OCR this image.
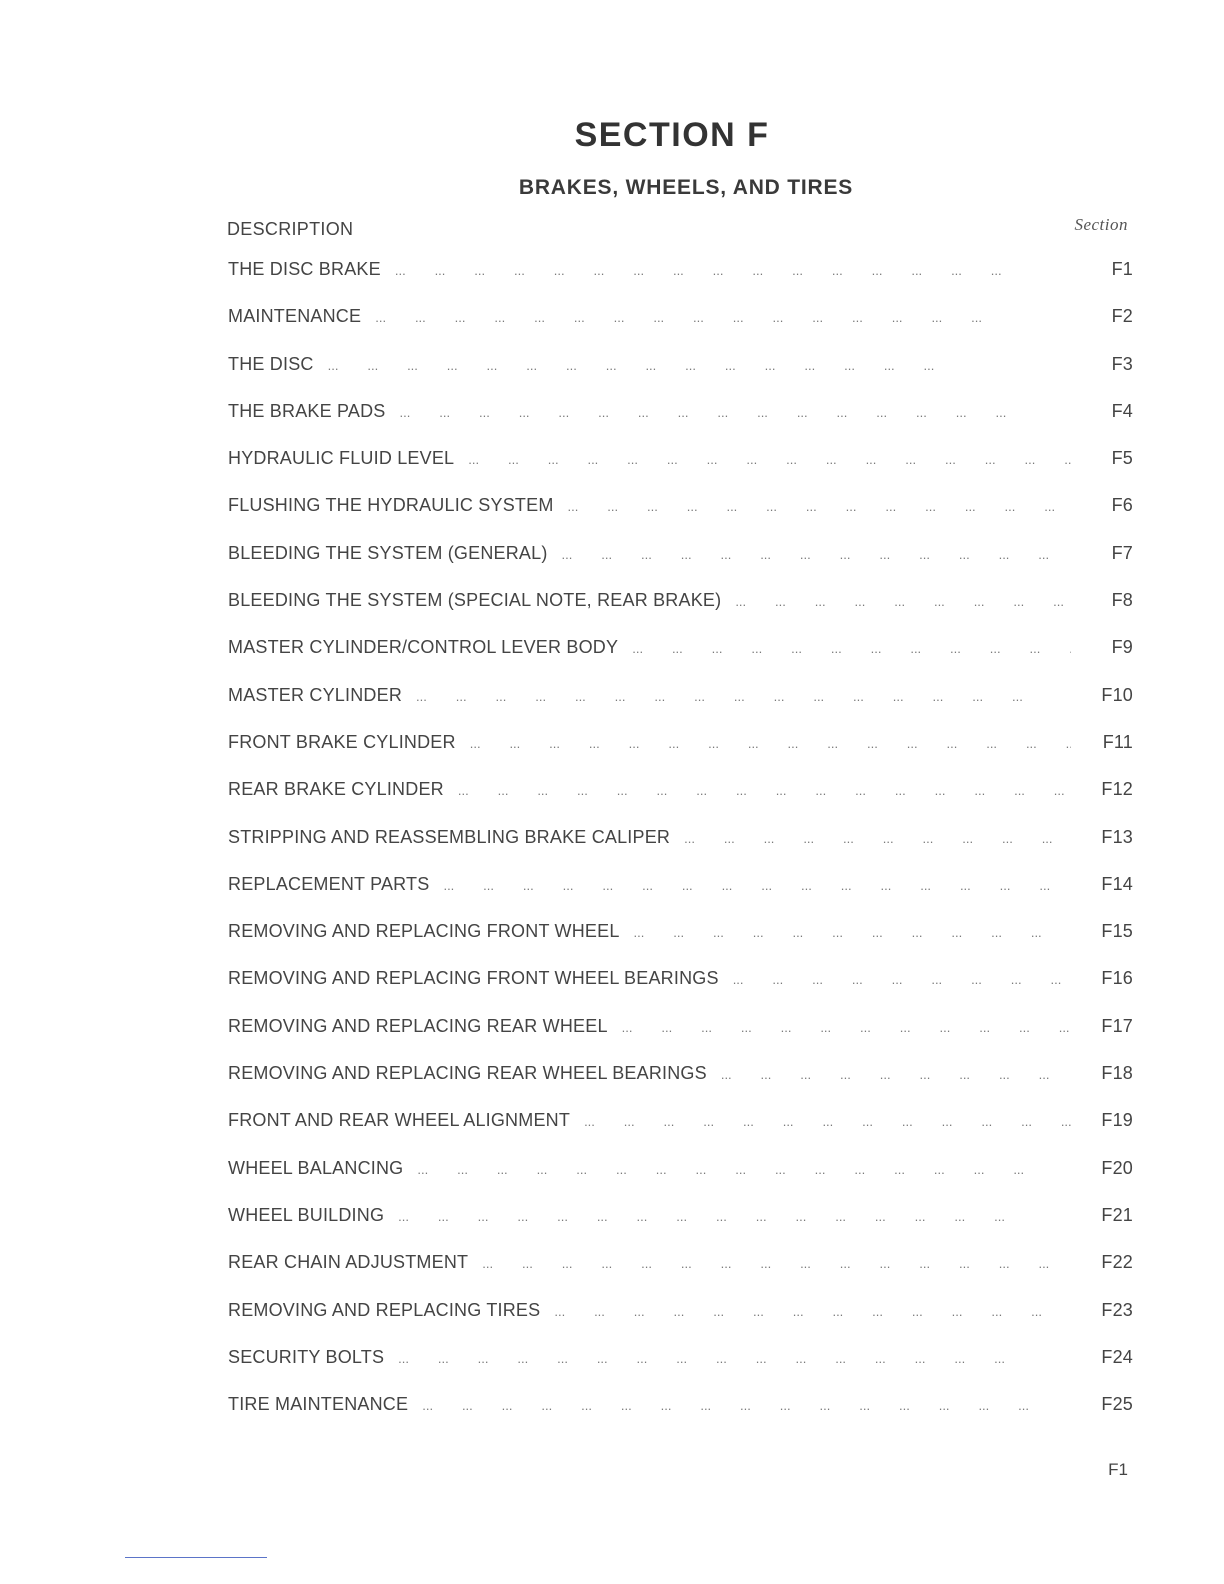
SECTION F
BRAKES, WHEELS, AND TIRES
DESCRIPTION	Section
THE DISC BRAKE ...	F1
MAINTENANCE ...	F2
THE DISC ...	F3
THE BRAKE PADS ...	F4
HYDRAULIC FLUID LEVEL ...	F5
FLUSHING THE HYDRAULIC SYSTEM ...	F6
BLEEDING THE SYSTEM (GENERAL) ...	F7
BLEEDING THE SYSTEM (SPECIAL NOTE, REAR BRAKE) ...	F8
MASTER CYLINDER/CONTROL LEVER BODY ...	F9
MASTER CYLINDER ...	F10
FRONT BRAKE CYLINDER ...	F11
REAR BRAKE CYLINDER ...	F12
STRIPPING AND REASSEMBLING BRAKE CALIPER ...	F13
REPLACEMENT PARTS ...	F14
REMOVING AND REPLACING FRONT WHEEL ...	F15
REMOVING AND REPLACING FRONT WHEEL BEARINGS ...	F16
REMOVING AND REPLACING REAR WHEEL ...	F17
REMOVING AND REPLACING REAR WHEEL BEARINGS ...	F18
FRONT AND REAR WHEEL ALIGNMENT ...	F19
WHEEL BALANCING ...	F20
WHEEL BUILDING ...	F21
REAR CHAIN ADJUSTMENT ...	F22
REMOVING AND REPLACING TIRES ...	F23
SECURITY BOLTS ...	F24
TIRE MAINTENANCE ...	F25
F1
